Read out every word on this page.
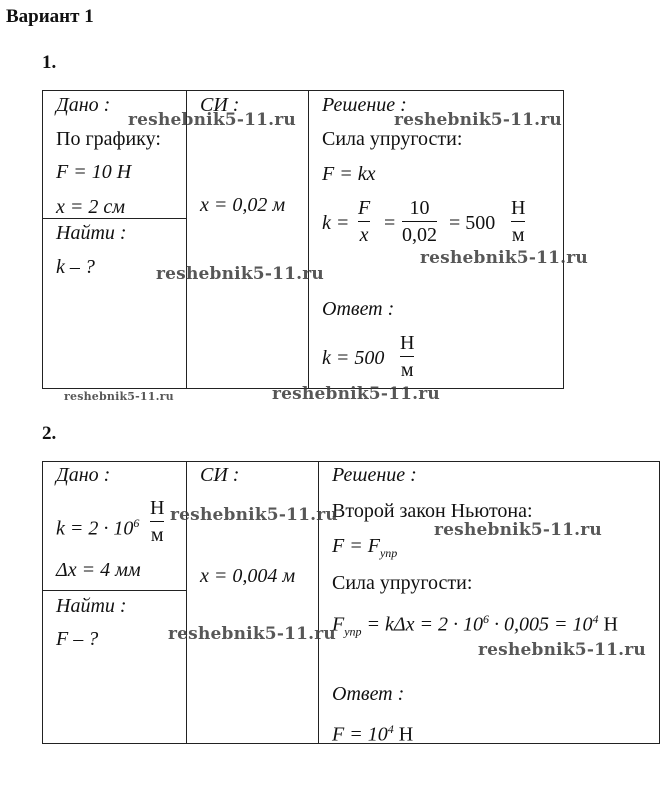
Вариант 1
1.
Дано :
По графику:
F = 10 Н
x = 2 см
СИ :
x = 0,02 м
Найти :
k – ?
Решение :
Сила упругости:
F = kx
k =
F
x
=
10
0,02
= 500
Н
м
Ответ :
k = 500
Н
м
2.
Дано :
$k = 2 \cdot 10^6$
Н
м
Δx = 4 мм
СИ :
x = 0,004 м
Найти :
F – ?
Решение :
Второй закон Ньютона:
$F = F_{упр}$
Сила упругости:
$F_{упр} = k\Delta x = 2 \cdot 10^6 \cdot 0,005 = 10^4$ Н
Ответ :
$F = 10^4$ Н
reshebnik5-11.ru	reshebnik5-11.ru
reshebnik5-11.ru
reshebnik5-11.ru
reshebnik5-11.ru	reshebnik5-11.ru
reshebnik5-11.ru
reshebnik5-11.ru
reshebnik5-11.ru
reshebnik5-11.ru
